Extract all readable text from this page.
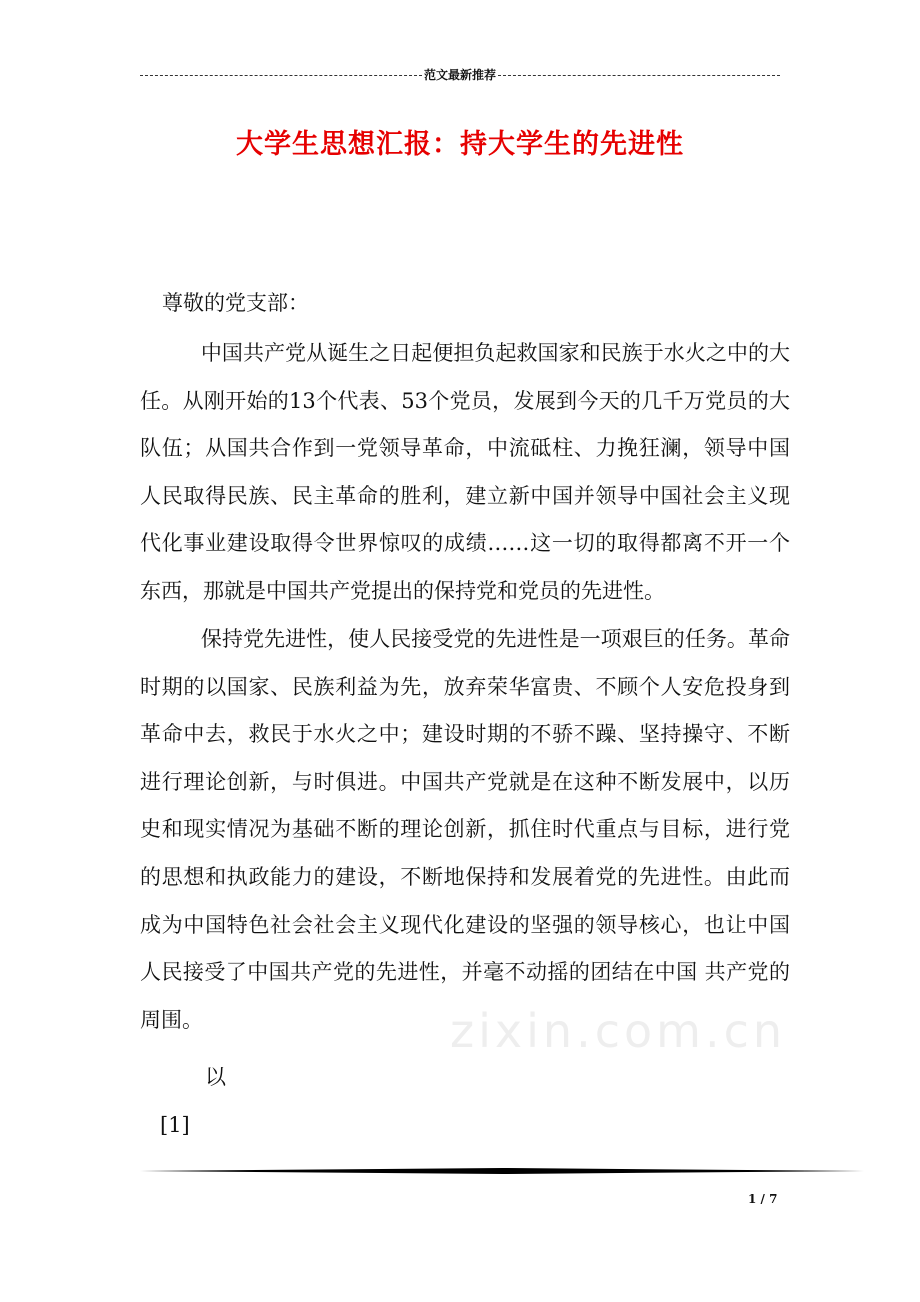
范文最新推荐
大学生思想汇报：持大学生的先进性
zixin.com.cn
尊敬的党支部：

中国共产党从诞生之日起便担负起救国家和民族于水火之中的大任。从刚开始的13个代表、53个党员，发展到今天的几千万党员的大队伍；从国共合作到一党领导革命，中流砥柱、力挽狂澜，领导中国人民取得民族、民主革命的胜利，建立新中国并领导中国社会主义现代化事业建设取得令世界惊叹的成绩……这一切的取得都离不开一个东西，那就是中国共产党提出的保持党和党员的先进性。

保持党先进性，使人民接受党的先进性是一项艰巨的任务。革命时期的以国家、民族利益为先，放弃荣华富贵、不顾个人安危投身到革命中去，救民于水火之中；建设时期的不骄不躁、坚持操守、不断进行理论创新，与时俱进。中国共产党就是在这种不断发展中，以历史和现实情况为基础不断的理论创新，抓住时代重点与目标，进行党的思想和执政能力的建设，不断地保持和发展着党的先进性。由此而成为中国特色社会社会主义现代化建设的坚强的领导核心，也让中国人民接受了中国共产党的先进性，并毫不动摇的团结在中国 共产党的周围。

以
[1]
1 / 7
